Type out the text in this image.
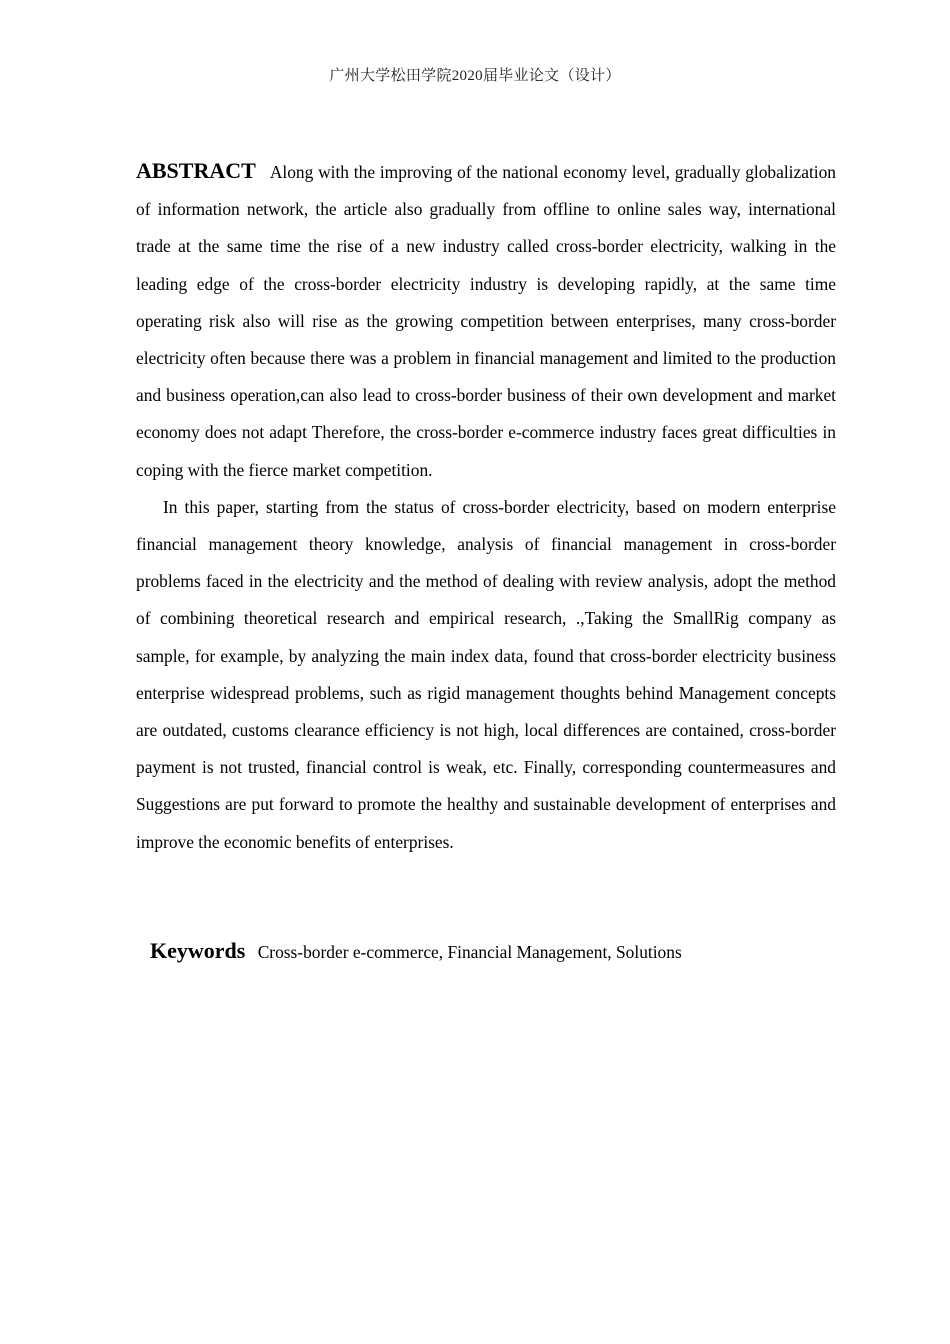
广州大学松田学院2020届毕业论文（设计）

ABSTRACT Along with the improving of the national economy level, gradually globalization of information network, the article also gradually from offline to online sales way, international trade at the same time the rise of a new industry called cross-border electricity, walking in the leading edge of the cross-border electricity industry is developing rapidly, at the same time operating risk also will rise as the growing competition between enterprises, many cross-border electricity often because there was a problem in financial management and limited to the production and business operation,can also lead to cross-border business of their own development and market economy does not adapt Therefore, the cross-border e-commerce industry faces great difficulties in coping with the fierce market competition.

In this paper, starting from the status of cross-border electricity, based on modern enterprise financial management theory knowledge, analysis of financial management in cross-border problems faced in the electricity and the method of dealing with review analysis, adopt the method of combining theoretical research and empirical research, .,Taking the SmallRig company as sample, for example, by analyzing the main index data, found that cross-border electricity business enterprise widespread problems, such as rigid management thoughts behind Management concepts are outdated, customs clearance efficiency is not high, local differences are contained, cross-border payment is not trusted, financial control is weak, etc. Finally, corresponding countermeasures and Suggestions are put forward to promote the healthy and sustainable development of enterprises and improve the economic benefits of enterprises.

Keywords Cross-border e-commerce, Financial Management, Solutions
